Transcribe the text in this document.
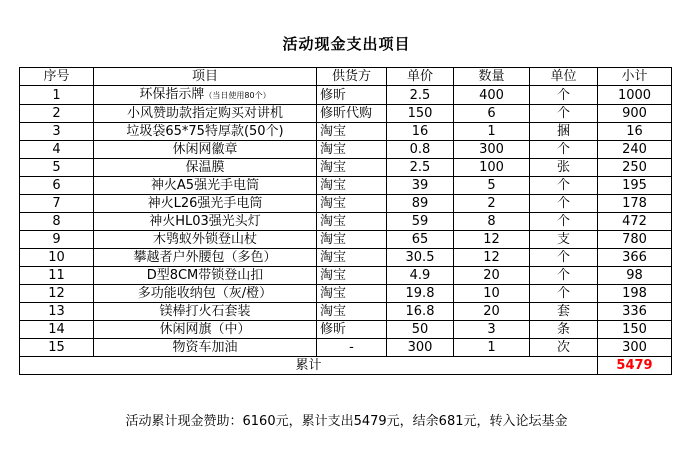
活动现金支出项目
序号	项目	供货方	单价	数量	单位	小计
1	环保指示牌（当日使用80个）	修昕	2.5	400	个	1000
2	小风赞助款指定购买对讲机	修昕代购	150	6	个	900
3	垃圾袋65*75特厚款(50个)	淘宝	16	1	捆	16
4	休闲网徽章	淘宝	0.8	300	个	240
5	保温膜	淘宝	2.5	100	张	250
6	神火A5强光手电筒	淘宝	39	5	个	195
7	神火L26强光手电筒	淘宝	89	2	个	178
8	神火HL03强光头灯	淘宝	59	8	个	472
9	木鸮蚁外锁登山杖	淘宝	65	12	支	780
10	攀越者户外腰包（多色）	淘宝	30.5	12	个	366
11	D型8CM带锁登山扣	淘宝	4.9	20	个	98
12	多功能收纳包（灰/橙）	淘宝	19.8	10	个	198
13	镁棒打火石套装	淘宝	16.8	20	套	336
14	休闲网旗（中）	修昕	50	3	条	150
15	物资车加油	-	300	1	次	300
累计						5479
活动累计现金赞助：6160元，累计支出5479元，结余681元，转入论坛基金
